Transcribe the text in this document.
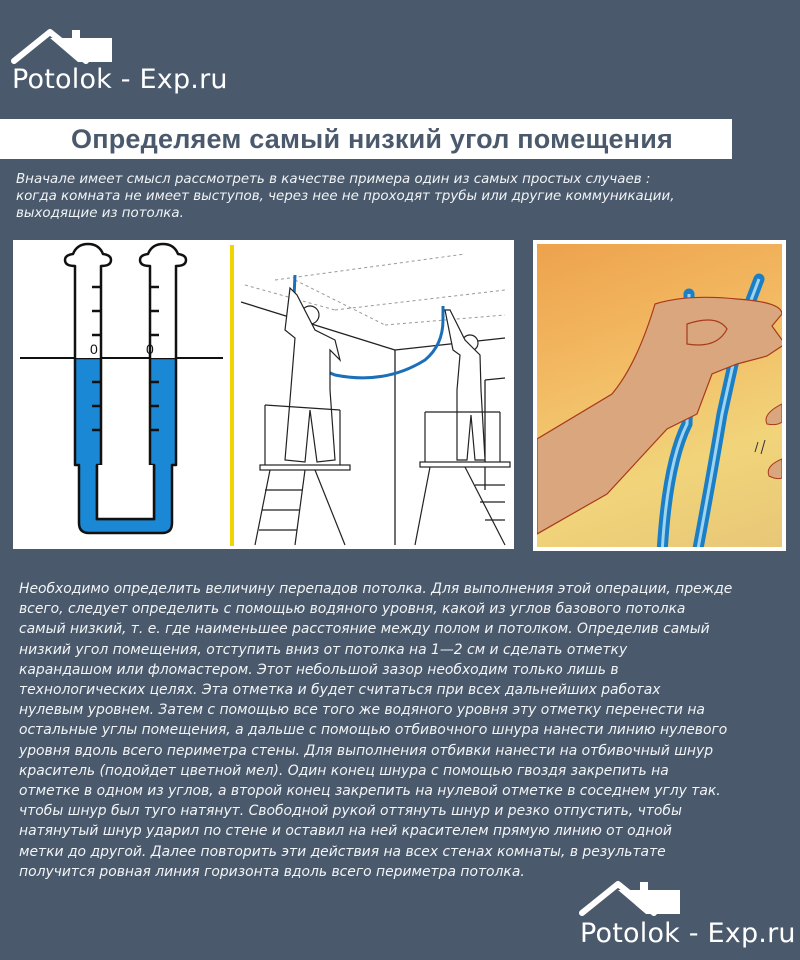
Potolok - Exp.ru
Определяем самый низкий угол помещения
Вначале имеет смысл рассмотреть в качестве примера один из самых простых случаев :
когда комната не имеет выступов, через нее не проходят трубы или другие коммуникации,
выходящие из потолка.
0	0
Необходимо определить величину перепадов потолка. Для выполнения этой операции, прежде
всего, следует определить с помощью водяного уровня, какой из углов базового потолка
самый низкий, т. е. где наименьшее расстояние между полом и потолком. Определив самый
низкий угол помещения, отступить вниз от потолка на 1—2 см и сделать отметку
карандашом или фломастером. Этот небольшой зазор необходим только лишь в
технологических целях. Эта отметка и будет считаться при всех дальнейших работах
нулевым уровнем. Затем с помощью все того же водяного уровня эту отметку перенести на
остальные углы помещения, а дальше с помощью отбивочного шнура нанести линию нулевого
уровня вдоль всего периметра стены. Для выполнения отбивки нанести на отбивочный шнур
краситель (подойдет цветной мел). Один конец шнура с помощью гвоздя закрепить на
отметке в одном из углов, а второй конец закрепить на нулевой отметке в соседнем углу так.
чтобы шнур был туго натянут. Свободной рукой оттянуть шнур и резко отпустить, чтобы
натянутый шнур ударил по стене и оставил на ней красителем прямую линию от одной
метки до другой. Далее повторить эти действия на всех стенах комнаты, в результате
получится ровная линия горизонта вдоль всего периметра потолка.
Potolok - Exp.ru
